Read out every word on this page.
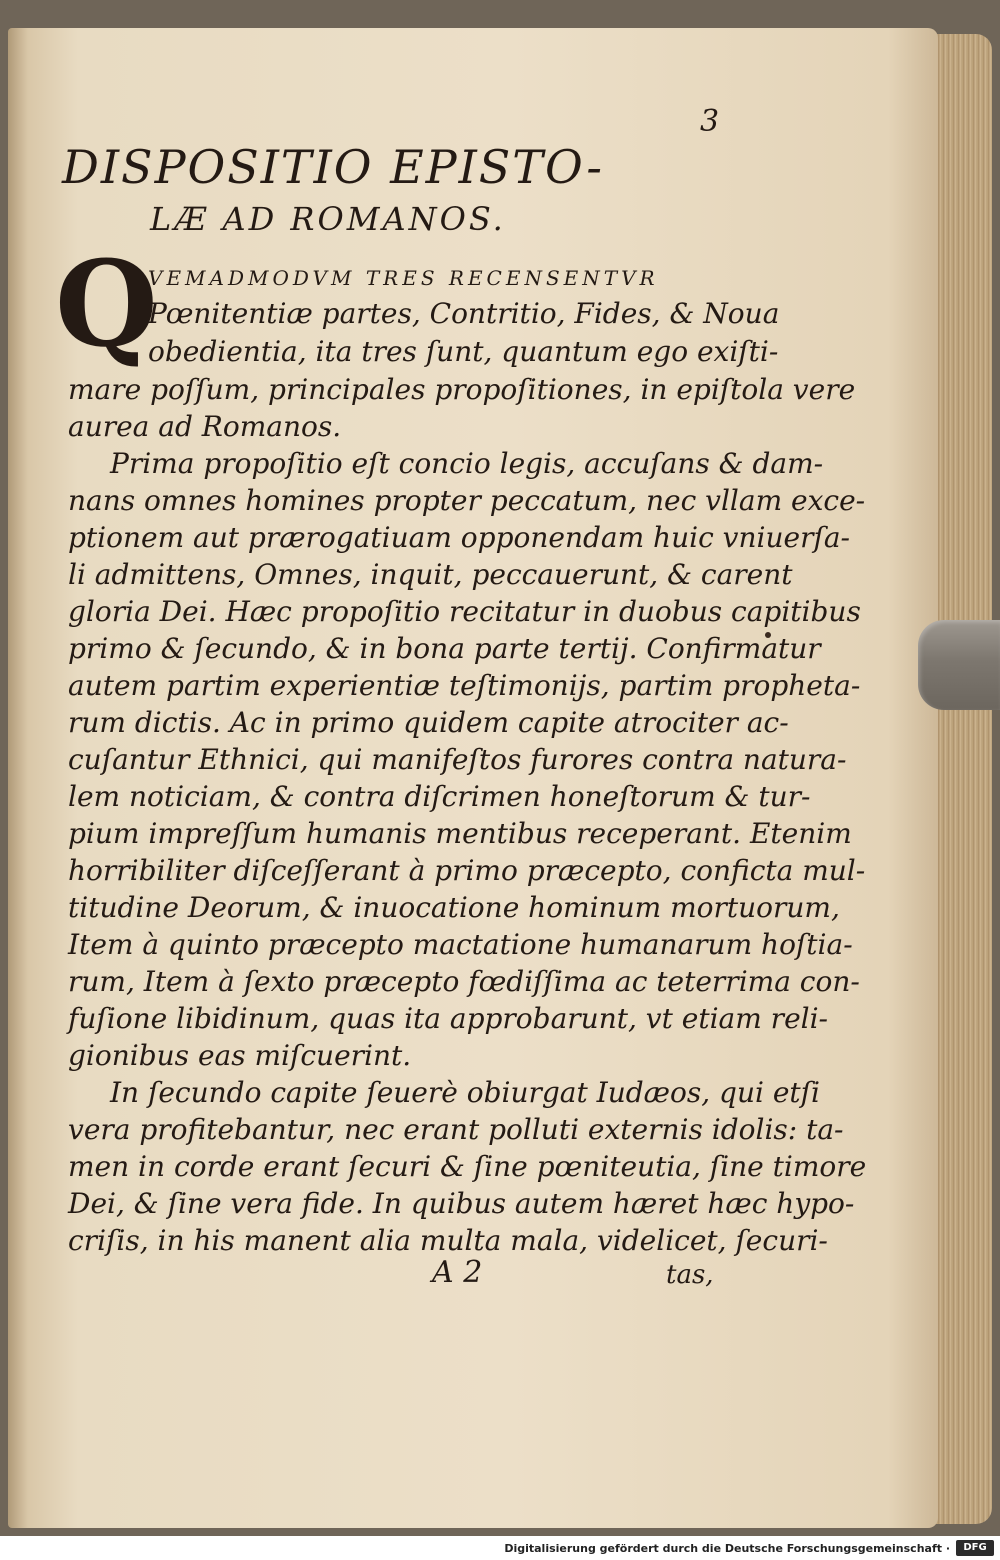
3
DISPOSITIO EPISTO-
LÆ AD ROMANOS.
Q
VEMADMODVM TRES RECENSENTVR
Pœnitentiæ partes, Contritio, Fides, & Noua
obedientia, ita tres ſunt, quantum ego exiſti-
mare poſſum, principales propoſitiones, in epiſtola vere
aurea ad Romanos.
Prima propoſitio eſt concio legis, accuſans & dam-
nans omnes homines propter peccatum, nec vllam exce-
ptionem aut prærogatiuam opponendam huic vniuerſa-
li admittens, Omnes, inquit, peccauerunt, & carent
gloria Dei. Hæc propoſitio recitatur in duobus capitibus
primo & ſecundo, & in bona parte tertij. Confirmatur
autem partim experientiæ teſtimonijs, partim propheta-
rum dictis. Ac in primo quidem capite atrociter ac-
cuſantur Ethnici, qui manifeſtos furores contra natura-
lem noticiam, & contra diſcrimen honeſtorum & tur-
pium impreſſum humanis mentibus receperant. Etenim
horribiliter diſceſſerant à primo præcepto, conficta mul-
titudine Deorum, & inuocatione hominum mortuorum,
Item à quinto præcepto mactatione humanarum hoſtia-
rum, Item à ſexto præcepto fœdiſſima ac teterrima con-
fuſione libidinum, quas ita approbarunt, vt etiam reli-
gionibus eas miſcuerint.
In ſecundo capite ſeuerè obiurgat Iudæos, qui etſi
vera profitebantur, nec erant polluti externis idolis: ta-
men in corde erant ſecuri & ſine pœniteutia, ſine timore
Dei, & ſine vera fide. In quibus autem hæret hæc hypo-
criſis, in his manent alia multa mala, videlicet, ſecuri-
A 2	tas,
Digitalisierung gefördert durch die Deutsche Forschungsgemeinschaft ·	DFG
